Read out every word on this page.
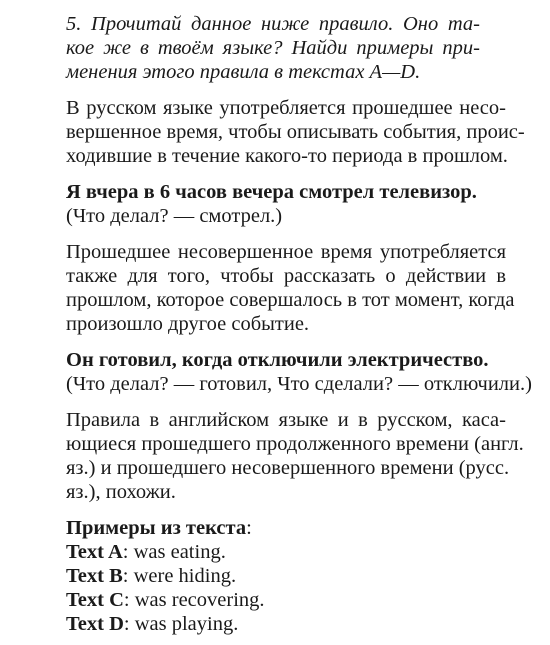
5. Прочитай данное ниже правило. Оно та-
кое же в твоём языке? Найди примеры при-
менения этого правила в текстах A—D.
В русском языке употребляется прошедшее несо-
вершенное время, чтобы описывать события, проис-
ходившие в течение какого-то периода в прошлом.
Я вчера в 6 часов вечера смотрел телевизор.
(Что делал? — смотрел.)
Прошедшее несовершенное время употребляется
также для того, чтобы рассказать о действии в
прошлом, которое совершалось в тот момент, когда
произошло другое событие.
Он готовил, когда отключили электричество.
(Что делал? — готовил, Что сделали? — отключили.)
Правила в английском языке и в русском, каса-
ющиеся прошедшего продолженного времени (англ.
яз.) и прошедшего несовершенного времени (русс.
яз.), похожи.
Примеры из текста:
Text A: was eating.
Text B: were hiding.
Text C: was recovering.
Text D: was playing.
